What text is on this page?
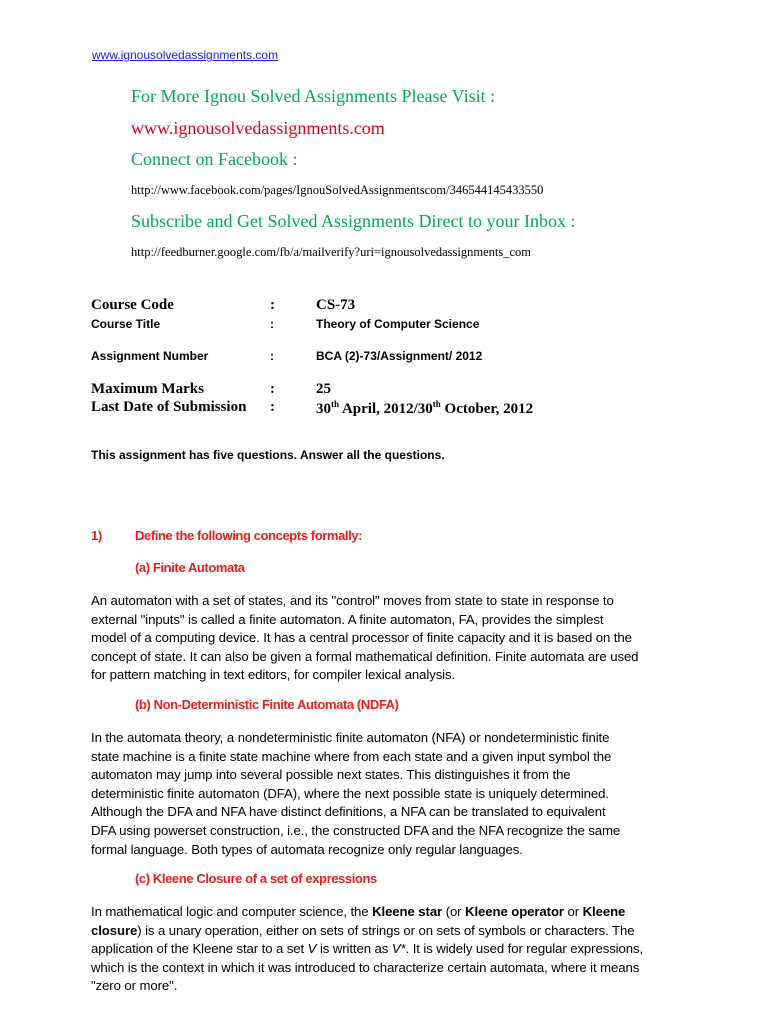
www.ignousolvedassignments.com
For More Ignou Solved Assignments Please Visit :
www.ignousolvedassignments.com
Connect on Facebook :
http://www.facebook.com/pages/IgnouSolvedAssignmentscom/346544145433550
Subscribe and Get Solved Assignments Direct to your Inbox :
http://feedburner.google.com/fb/a/mailverify?uri=ignousolvedassignments_com
Course Code	:	CS-73
Course Title	:	Theory of Computer Science
Assignment Number	:	BCA (2)-73/Assignment/ 2012
Maximum Marks	:	25
Last Date of Submission :	30th April, 2012/30th October, 2012
This assignment has five questions. Answer all the questions.
1)	Define the following concepts formally:
(a) Finite Automata
An automaton with a set of states, and its "control" moves from state to state in response to
external "inputs" is called a finite automaton. A finite automaton, FA, provides the simplest
model of a computing device. It has a central processor of finite capacity and it is based on the
concept of state. It can also be given a formal mathematical definition. Finite automata are used
for pattern matching in text editors, for compiler lexical analysis.
(b) Non-Deterministic Finite Automata (NDFA)
In the automata theory, a nondeterministic finite automaton (NFA) or nondeterministic finite
state machine is a finite state machine where from each state and a given input symbol the
automaton may jump into several possible next states. This distinguishes it from the
deterministic finite automaton (DFA), where the next possible state is uniquely determined.
Although the DFA and NFA have distinct definitions, a NFA can be translated to equivalent
DFA using powerset construction, i.e., the constructed DFA and the NFA recognize the same
formal language. Both types of automata recognize only regular languages.
(c) Kleene Closure of a set of expressions
In mathematical logic and computer science, the Kleene star (or Kleene operator or Kleene
closure) is a unary operation, either on sets of strings or on sets of symbols or characters. The
application of the Kleene star to a set V is written as V*. It is widely used for regular expressions,
which is the context in which it was introduced to characterize certain automata, where it means
"zero or more".
